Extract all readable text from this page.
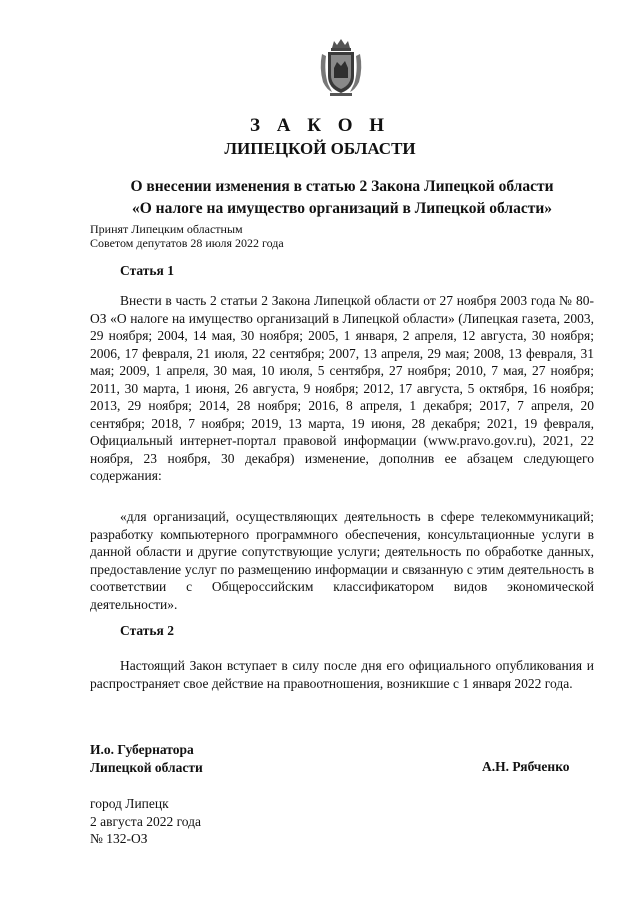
З А К О Н
ЛИПЕЦКОЙ ОБЛАСТИ
О внесении изменения в статью 2 Закона Липецкой области
«О налоге на имущество организаций в Липецкой области»
Принят Липецким областным
Советом депутатов 28 июля 2022 года
Статья 1

Внести в часть 2 статьи 2 Закона Липецкой области от 27 ноября 2003 года № 80-ОЗ «О налоге на имущество организаций в Липецкой области» (Липецкая газета, 2003, 29 ноября; 2004, 14 мая, 30 ноября; 2005, 1 января, 2 апреля, 12 августа, 30 ноября; 2006, 17 февраля, 21 июля, 22 сентября; 2007, 13 апреля, 29 мая; 2008, 13 февраля, 31 мая; 2009, 1 апреля, 30 мая, 10 июля, 5 сентября, 27 ноября; 2010, 7 мая, 27 ноября; 2011, 30 марта, 1 июня, 26 августа, 9 ноября; 2012, 17 августа, 5 октября, 16 ноября; 2013, 29 ноября; 2014, 28 ноября; 2016, 8 апреля, 1 декабря; 2017, 7 апреля, 20 сентября; 2018, 7 ноября; 2019, 13 марта, 19 июня, 28 декабря; 2021, 19 февраля, Официальный интернет-портал правовой информации (www.pravo.gov.ru), 2021, 22 ноября, 23 ноября, 30 декабря) изменение, дополнив ее абзацем следующего содержания:

«для организаций, осуществляющих деятельность в сфере телекоммуникаций; разработку компьютерного программного обеспечения, консультационные услуги в данной области и другие сопутствующие услуги; деятельность по обработке данных, предоставление услуг по размещению информации и связанную с этим деятельность в соответствии с Общероссийским классификатором видов экономической деятельности».

Статья 2

Настоящий Закон вступает в силу после дня его официального опубликования и распространяет свое действие на правоотношения, возникшие с 1 января 2022 года.

И.о. Губернатора
Липецкой области	А.Н. Рябченко
город Липецк
2 августа 2022 года
№ 132-ОЗ
